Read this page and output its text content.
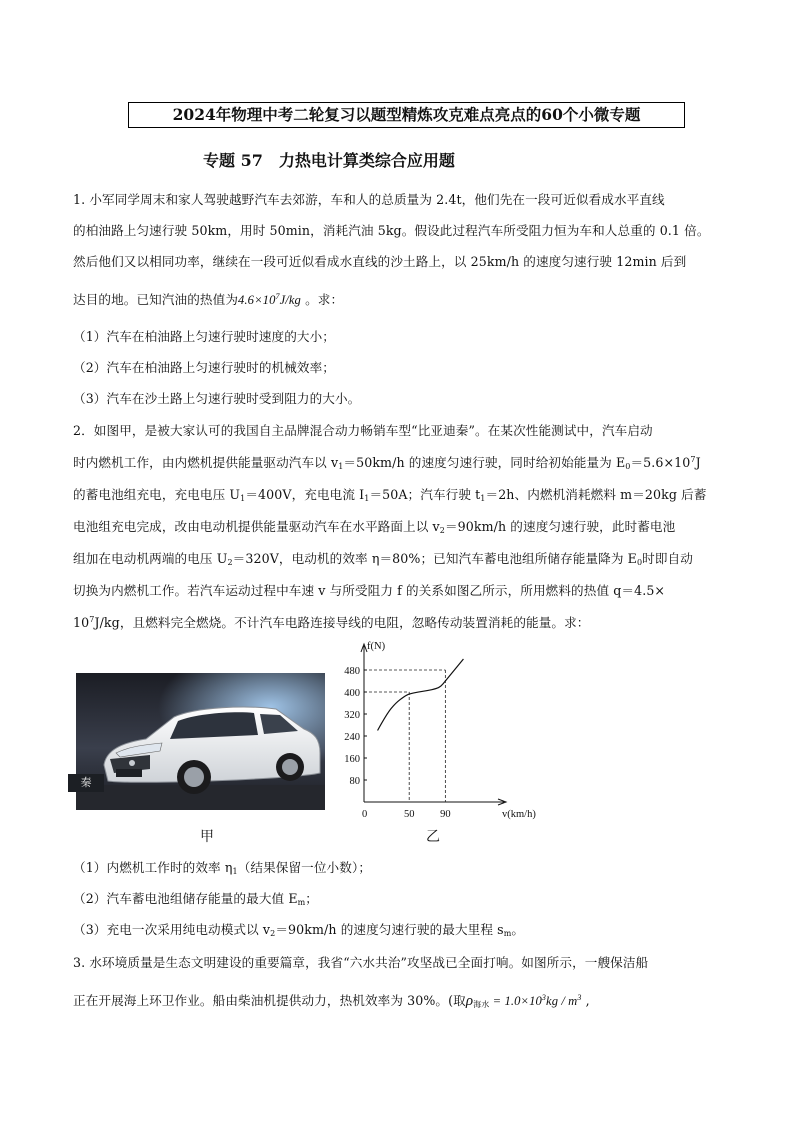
2024年物理中考二轮复习以题型精炼攻克难点亮点的60个小微专题
专题 57　力热电计算类综合应用题
1. 小军同学周末和家人驾驶越野汽车去郊游，车和人的总质量为 2.4t，他们先在一段可近似看成水平直线
的柏油路上匀速行驶 50km，用时 50min，消耗汽油 5kg。假设此过程汽车所受阻力恒为车和人总重的 0.1 倍。
然后他们又以相同功率，继续在一段可近似看成水直线的沙土路上，以 25km/h 的速度匀速行驶 12min 后到
达目的地。已知汽油的热值为$4.6\times 10^7J/kg$ 。求：
（1）汽车在柏油路上匀速行驶时速度的大小；
（2）汽车在柏油路上匀速行驶时的机械效率；
（3）汽车在沙土路上匀速行驶时受到阻力的大小。
2．如图甲，是被大家认可的我国自主品牌混合动力畅销车型“比亚迪秦”。在某次性能测试中，汽车启动
时内燃机工作，由内燃机提供能量驱动汽车以 $v_1=50km/h$ 的速度匀速行驶，同时给初始能量为 $E_0=5.6\times 10^7J$
的蓄电池组充电，充电电压 $U_1=400V$，充电电流 $I_1=50A$；汽车行驶 $t_1=2h$、内燃机消耗燃料 m＝20kg 后蓄
电池组充电完成，改由电动机提供能量驱动汽车在水平路面上以 $v_2=90km/h$ 的速度匀速行驶，此时蓄电池
组加在电动机两端的电压 $U_2=320V$，电动机的效率 η＝80%；已知汽车蓄电池组所储存能量降为 $E_0$时即自动
切换为内燃机工作。若汽车运动过程中车速 v 与所受阻力 f 的关系如图乙所示，所用燃料的热值 q＝4.5×
$10^7J/kg$，且燃料完全燃烧。不计汽车电路连接导线的电阻，忽略传动装置消耗的能量。求：
秦
甲	乙
f(N)
v(km/h)
0
80
160
240
320
400
480
50 90
（1）内燃机工作时的效率 $\eta_1$（结果保留一位小数）；
（2）汽车蓄电池组储存能量的最大值 $E_m$；
（3）充电一次采用纯电动模式以 $v_2=90km/h$ 的速度匀速行驶的最大里程 $s_m$。
3. 水环境质量是生态文明建设的重要篇章，我省“六水共治”攻坚战已全面打响。如图所示，一艘保洁船
正在开展海上环卫作业。船由柴油机提供动力，热机效率为 30%。(取$\rho_{海水} = 1.0\times 10^3kg / m^3$ ,
